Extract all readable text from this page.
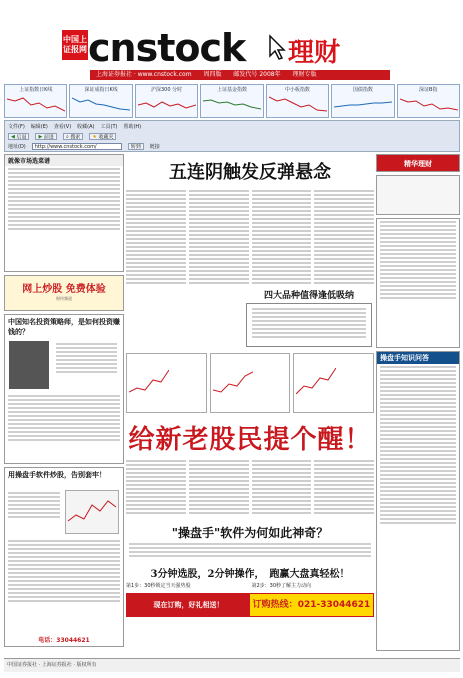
中国上证报网 cnstock 理财
上海证券报社 · www.cnstock.com 周四版 邮发代号 2008年 理财专版
上证指数日K线	深证成指日K线	沪深300 分时	上证基金指数	中小板指数	国债指数	深证B指
文件(F) 编辑(E) 查看(V) 收藏(A) 工具(T) 帮助(H)
◀ 后退	▶ 前进	⌕ 搜索	★ 收藏夹
地址(D)	http://www.cnstock.com/	转到	链接
就像市场选菜谱
网上炒股 免费体验
财经频道
中国知名投资策略师，是如何投资赚钱的？
用操盘手软件炒股，告别套牢！
电话：33044621
五连阴触发反弹悬念
四大品种值得逢低吸纳
给新老股民提个醒！
"操盘手"软件为何如此神奇？
3分钟选股，2分钟操作，　跑赢大盘真轻松！
第1步：30秒锁定当天强势股	第2步：30秒了解主力动向
现在订购，好礼相送！	订购热线：021-33044621
精华理财
操盘手知识问答
中国证券报社 · 上海证券报社 · 版权所有
